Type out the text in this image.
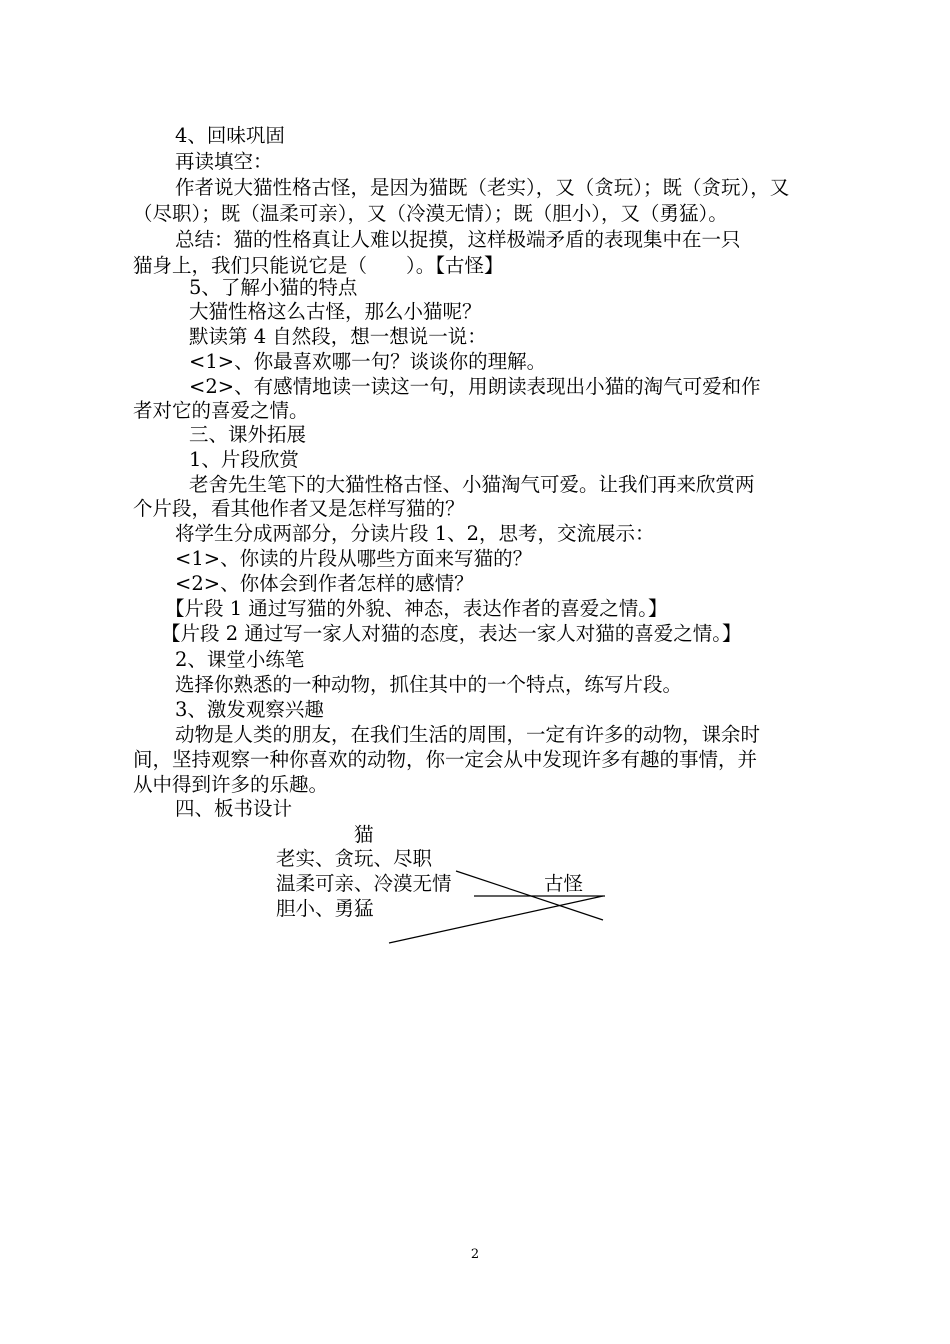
4、回味巩固

再读填空：

作者说大猫性格古怪，是因为猫既（老实），又（贪玩）；既（贪玩），又

（尽职）；既（温柔可亲），又（冷漠无情）；既（胆小），又（勇猛）。

总结：猫的性格真让人难以捉摸，这样极端矛盾的表现集中在一只

猫身上，我们只能说它是（　　）。【古怪】

5、了解小猫的特点

大猫性格这么古怪，那么小猫呢？

默读第 4 自然段，想一想说一说：

<1>、你最喜欢哪一句？谈谈你的理解。

<2>、有感情地读一读这一句，用朗读表现出小猫的淘气可爱和作

者对它的喜爱之情。

三、课外拓展

1、片段欣赏

老舍先生笔下的大猫性格古怪、小猫淘气可爱。让我们再来欣赏两

个片段，看其他作者又是怎样写猫的？

将学生分成两部分，分读片段 1、2，思考，交流展示：

<1>、你读的片段从哪些方面来写猫的？

<2>、你体会到作者怎样的感情？

【片段 1 通过写猫的外貌、神态，表达作者的喜爱之情。】

【片段 2 通过写一家人对猫的态度，表达一家人对猫的喜爱之情。】

2、课堂小练笔

选择你熟悉的一种动物，抓住其中的一个特点，练写片段。

3、激发观察兴趣

动物是人类的朋友，在我们生活的周围，一定有许多的动物，课余时

间，坚持观察一种你喜欢的动物，你一定会从中发现许多有趣的事情，并

从中得到许多的乐趣。

四、板书设计

猫

老实、贪玩、尽职

温柔可亲、冷漠无情

胆小、勇猛

古怪

2
